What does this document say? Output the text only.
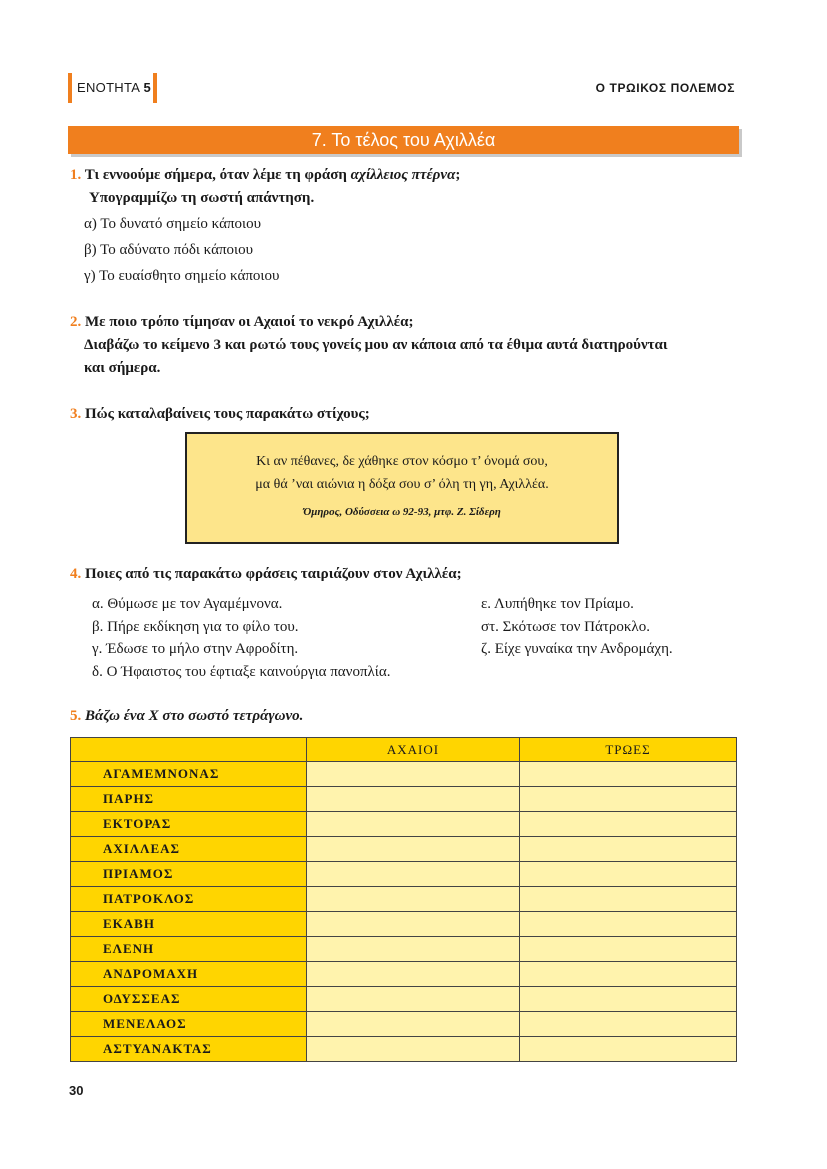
ΕΝΟΤΗΤΑ 5	Ο ΤΡΩΙΚΟΣ ΠΟΛΕΜΟΣ
7. Το τέλος του Αχιλλέα
1. Τι εννοούμε σήμερα, όταν λέμε τη φράση αχίλλειος πτέρνα;
Υπογραμμίζω τη σωστή απάντηση.
α) Το δυνατό σημείο κάποιου
β) Το αδύνατο πόδι κάποιου
γ) Το ευαίσθητο σημείο κάποιου
2. Με ποιο τρόπο τίμησαν οι Αχαιοί το νεκρό Αχιλλέα;
Διαβάζω το κείμενο 3 και ρωτώ τους γονείς μου αν κάποια από τα έθιμα αυτά διατηρούνται
και σήμερα.
3. Πώς καταλαβαίνεις τους παρακάτω στίχους;
Κι αν πέθανες, δε χάθηκε στον κόσμο τ’ όνομά σου,
μα θά ’ναι αιώνια η δόξα σου σ’ όλη τη γη, Αχιλλέα.
Όμηρος, Οδύσσεια ω 92-93, μτφ. Ζ. Σίδερη
4. Ποιες από τις παρακάτω φράσεις ταιριάζουν στον Αχιλλέα;
α. Θύμωσε με τον Αγαμέμνονα.
β. Πήρε εκδίκηση για το φίλο του.
γ. Έδωσε το μήλο στην Αφροδίτη.
δ. Ο Ήφαιστος του έφτιαξε καινούργια πανοπλία.
ε. Λυπήθηκε τον Πρίαμο.
στ. Σκότωσε τον Πάτροκλο.
ζ. Είχε γυναίκα την Ανδρομάχη.
5. Βάζω ένα Χ στο σωστό τετράγωνο.
	ΑΧΑΙΟΙ	ΤΡΩΕΣ
ΑΓΑΜΕΜΝΟΝΑΣ		
ΠΑΡΗΣ		
ΕΚΤΟΡΑΣ		
ΑΧΙΛΛΕΑΣ		
ΠΡΙΑΜΟΣ		
ΠΑΤΡΟΚΛΟΣ		
ΕΚΑΒΗ		
ΕΛΕΝΗ		
ΑΝΔΡΟΜΑΧΗ		
ΟΔΥΣΣΕΑΣ		
ΜΕΝΕΛΑΟΣ		
ΑΣΤΥΑΝΑΚΤΑΣ		
30
